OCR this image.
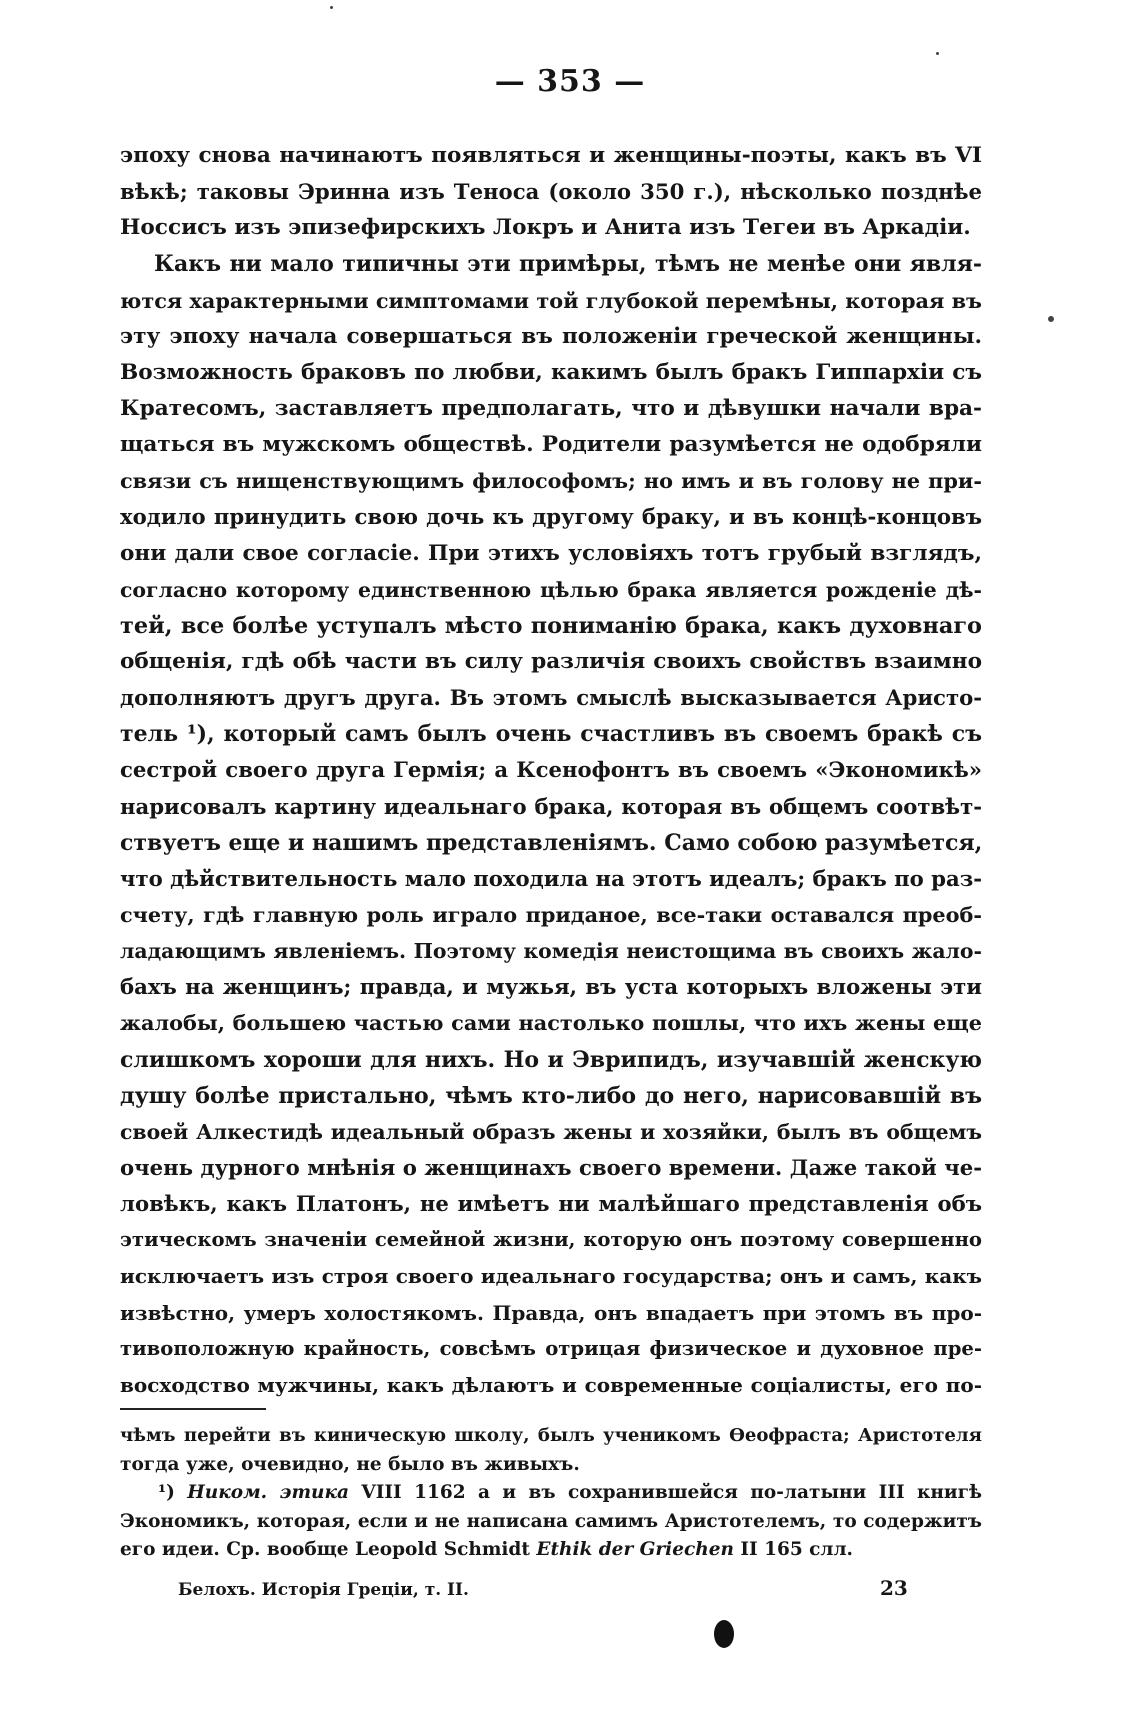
— 353 —
эпоху снова начинаютъ появляться и женщины-поэты, какъ въ VI
вѣкѣ; таковы Эринна изъ Теноса (около 350 г.), нѣсколько позднѣе
Носсисъ изъ эпизефирскихъ Локръ и Анита изъ Тегеи въ Аркадіи.
Какъ ни мало типичны эти примѣры, тѣмъ не менѣе они явля-
ются характерными симптомами той глубокой перемѣны, которая въ
эту эпоху начала совершаться въ положеніи греческой женщины.
Возможность браковъ по любви, какимъ былъ бракъ Гиппархіи съ
Кратесомъ, заставляетъ предполагать, что и дѣвушки начали вра-
щаться въ мужскомъ обществѣ. Родители разумѣется не одобряли
связи съ нищенствующимъ философомъ; но имъ и въ голову не при-
ходило принудить свою дочь къ другому браку, и въ концѣ-концовъ
они дали свое согласіе. При этихъ условіяхъ тотъ грубый взглядъ,
согласно которому единственною цѣлью брака является рожденіе дѣ-
тей, все болѣе уступалъ мѣсто пониманію брака, какъ духовнаго
общенія, гдѣ обѣ части въ силу различія своихъ свойствъ взаимно
дополняютъ другъ друга. Въ этомъ смыслѣ высказывается Аристо-
тель ¹), который самъ былъ очень счастливъ въ своемъ бракѣ съ
сестрой своего друга Гермія; а Ксенофонтъ въ своемъ «Экономикѣ»
нарисовалъ картину идеальнаго брака, которая въ общемъ соотвѣт-
ствуетъ еще и нашимъ представленіямъ. Само собою разумѣется,
что дѣйствительность мало походила на этотъ идеалъ; бракъ по раз-
счету, гдѣ главную роль играло приданое, все-таки оставался преоб-
ладающимъ явленіемъ. Поэтому комедія неистощима въ своихъ жало-
бахъ на женщинъ; правда, и мужья, въ уста которыхъ вложены эти
жалобы, большею частью сами настолько пошлы, что ихъ жены еще
слишкомъ хороши для нихъ. Но и Эврипидъ, изучавшій женскую
душу болѣе пристально, чѣмъ кто-либо до него, нарисовавшій въ
своей Алкестидѣ идеальный образъ жены и хозяйки, былъ въ общемъ
очень дурного мнѣнія о женщинахъ своего времени. Даже такой че-
ловѣкъ, какъ Платонъ, не имѣетъ ни малѣйшаго представленія объ
этическомъ значеніи семейной жизни, которую онъ поэтому совершенно
исключаетъ изъ строя своего идеальнаго государства; онъ и самъ, какъ
извѣстно, умеръ холостякомъ. Правда, онъ впадаетъ при этомъ въ про-
тивоположную крайность, совсѣмъ отрицая физическое и духовное пре-
восходство мужчины, какъ дѣлаютъ и современные соціалисты, его по-
чѣмъ перейти въ киническую школу, былъ ученикомъ Ѳеофраста; Аристотеля
тогда уже, очевидно, не было въ живыхъ.
¹) Ником. этика VIII 1162 a и въ сохранившейся по-латыни III книгѣ
Экономикъ, которая, если и не написана самимъ Аристотелемъ, то содержитъ
его идеи. Ср. вообще Leopold Schmidt Ethik der Griechen II 165 слл.
Белохъ. Исторія Греціи, т. II.	23
